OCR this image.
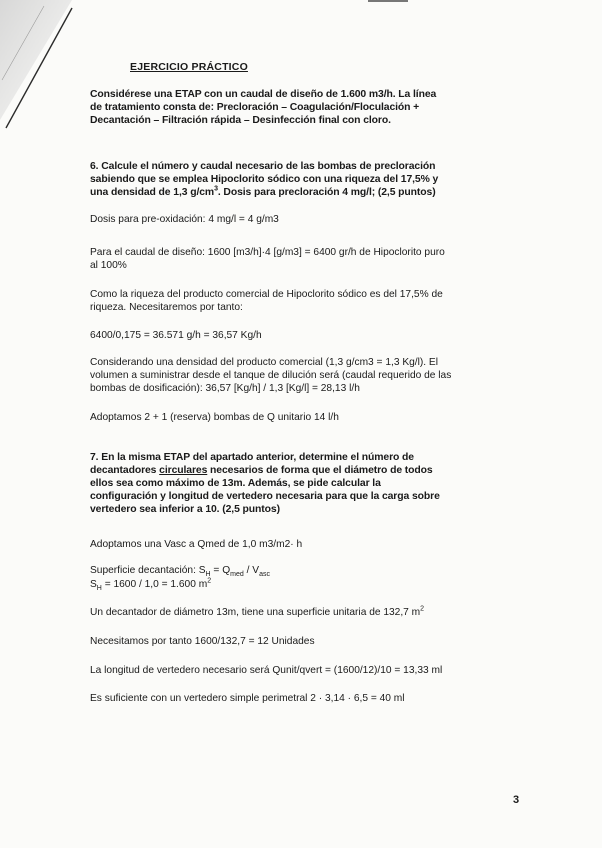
EJERCICIO PRÁCTICO

Considérese una ETAP con un caudal de diseño de 1.600 m3/h. La línea

de tratamiento consta de: Precloración – Coagulación/Floculación +

Decantación – Filtración rápida – Desinfección final con cloro.

6. Calcule el número y caudal necesario de las bombas de precloración

sabiendo que se emplea Hipoclorito sódico con una riqueza del 17,5% y

una densidad de 1,3 $g/cm^3$. Dosis para precloración 4 mg/l; (2,5 puntos)

Dosis para pre-oxidación: 4 mg/l = 4 g/m3

Para el caudal de diseño: 1600 [m3/h]·4 [g/m3] = 6400 gr/h de Hipoclorito puro

al 100%

Como la riqueza del producto comercial de Hipoclorito sódico es del 17,5% de

riqueza. Necesitaremos por tanto:

6400/0,175 = 36.571 g/h = 36,57 Kg/h

Considerando una densidad del producto comercial (1,3 g/cm3 = 1,3 Kg/l). El

volumen a suministrar desde el tanque de dilución será (caudal requerido de las

bombas de dosificación): 36,57 [Kg/h] / 1,3 [Kg/l] = 28,13 l/h

Adoptamos 2 + 1 (reserva) bombas de Q unitario 14 l/h

7. En la misma ETAP del apartado anterior, determine el número de

decantadores circulares necesarios de forma que el diámetro de todos

ellos sea como máximo de 13m. Además, se pide calcular la

configuración y longitud de vertedero necesaria para que la carga sobre

vertedero sea inferior a 10. (2,5 puntos)

Adoptamos una Vasc a Qmed de 1,0 m3/m2· h

Superficie decantación: $S_H = Q_{med} / V_{asc}$

$S_H = 1600 / 1,0 = 1.600$ $m^2$

Un decantador de diámetro 13m, tiene una superficie unitaria de 132,7 $m^2$

Necesitamos por tanto 1600/132,7 = 12 Unidades

La longitud de vertedero necesario será Qunit/qvert = (1600/12)/10 = 13,33 ml

Es suficiente con un vertedero simple perimetral 2 · 3,14 · 6,5 = 40 ml

3
